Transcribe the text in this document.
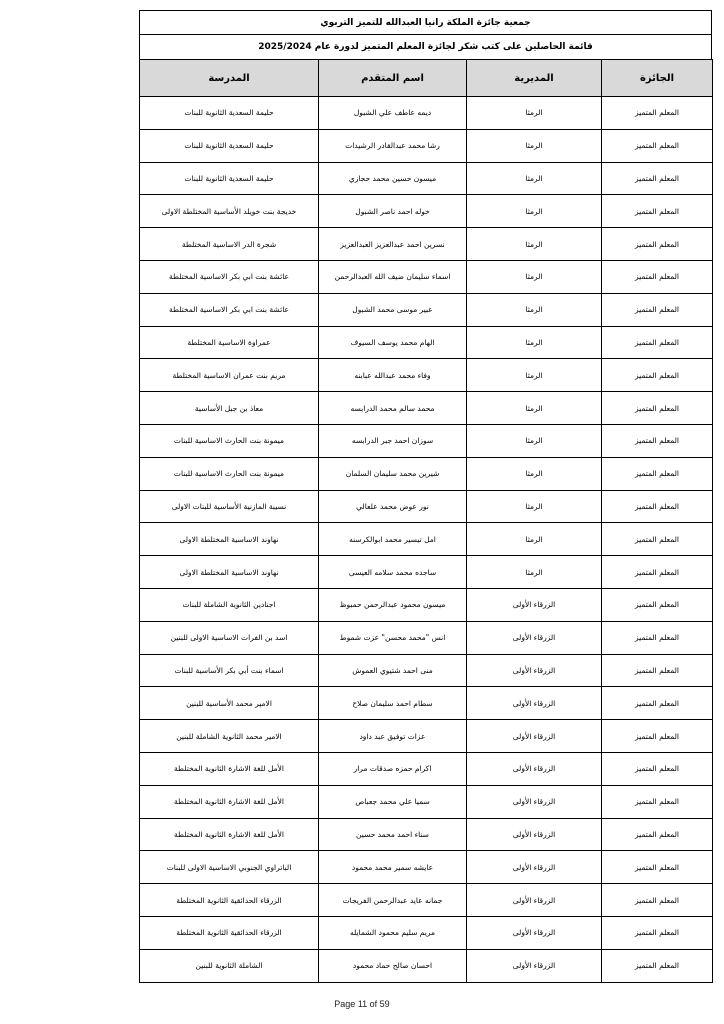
جمعية جائزة الملكة رانيا العبدالله للتميز التربوي
قائمة الحاصلين على كتب شكر لجائزة المعلم المتميز لدورة عام 2025/2024
الجائزة	المديرية	اسم المتقدم	المدرسة
المعلم المتميز	الرمثا	ديمه عاطف علي الشبول	حليمة السعدية الثانوية للبنات
المعلم المتميز	الرمثا	رشا محمد عبدالقادر الرشيدات	حليمة السعدية الثانوية للبنات
المعلم المتميز	الرمثا	ميسون حسين محمد حجازي	حليمة السعدية الثانوية للبنات
المعلم المتميز	الرمثا	خوله احمد ناصر الشبول	خديجة بنت خويلد الأساسية المختلطة الاولى
المعلم المتميز	الرمثا	نسرين احمد عبدالعزيز العبدالعزيز	شجرة الدر الاساسية المختلطة
المعلم المتميز	الرمثا	اسماء سليمان ضيف الله العبدالرحمن	عائشة بنت ابي بكر الاساسية المختلطة
المعلم المتميز	الرمثا	عبير موسى محمد الشبول	عائشة بنت ابي بكر الاساسية المختلطة
المعلم المتميز	الرمثا	الهام محمد يوسف السيوف	عمراوة الاساسية المختلطة
المعلم المتميز	الرمثا	وفاء محمد عبدالله عبابنه	مريم بنت عمران الاساسية المختلطة
المعلم المتميز	الرمثا	محمد سالم محمد الدرابسه	معاذ بن جبل الأساسية
المعلم المتميز	الرمثا	سوزان احمد جبر الدرابسه	ميمونة بنت الحارث الاساسية للبنات
المعلم المتميز	الرمثا	شيرين محمد سليمان السلمان	ميمونة بنت الحارث الاساسية للبنات
المعلم المتميز	الرمثا	نور عوض محمد علعالي	نسيبة المازنية الأساسية للبنات الاولى
المعلم المتميز	الرمثا	امل تيسير محمد ابوالكرسنه	نهاوند الاساسية المختلطة الاولى
المعلم المتميز	الرمثا	ساجده محمد سلامه العيسى	نهاوند الاساسية المختلطة الاولى
المعلم المتميز	الزرقاء الأولى	ميسون محمود عبدالرحمن حمبوظ	اجنادين الثانوية الشاملة للبنات
المعلم المتميز	الزرقاء الأولى	انس "محمد محسن" عزت شموط	اسد بن الفرات الاساسية الاولى للبنين
المعلم المتميز	الزرقاء الأولى	منى احمد شتيوي العموش	اسماء بنت أبي بكر الأساسية للبنات
المعلم المتميز	الزرقاء الأولى	سطام احمد سليمان صلاح	الامير محمد الأساسية للبنين
المعلم المتميز	الزرقاء الأولى	عزات توفيق عبد داود	الامير محمد الثانوية الشاملة للبنين
المعلم المتميز	الزرقاء الأولى	اكرام حمزه صدقات مرار	الأمل للغة الاشارة الثانوية المختلطة
المعلم المتميز	الزرقاء الأولى	سميا علي محمد جعباص	الأمل للغة الاشارة الثانوية المختلطة
المعلم المتميز	الزرقاء الأولى	سناء احمد محمد حسين	الأمل للغة الاشارة الثانوية المختلطة
المعلم المتميز	الزرقاء الأولى	عايشه سمير محمد محمود	الباتراوي الجنوبي الاساسية الاولى للبنات
المعلم المتميز	الزرقاء الأولى	جمانه عايد عبدالرحمن الفريجات	الزرقاء الحدائقية الثانوية المختلطة
المعلم المتميز	الزرقاء الأولى	مريم سليم محمود الشمايله	الزرقاء الحدائقية الثانوية المختلطة
المعلم المتميز	الزرقاء الأولى	احسان صالح حماد محمود	الشاملة الثانوية للبنين
Page 11 of 59
